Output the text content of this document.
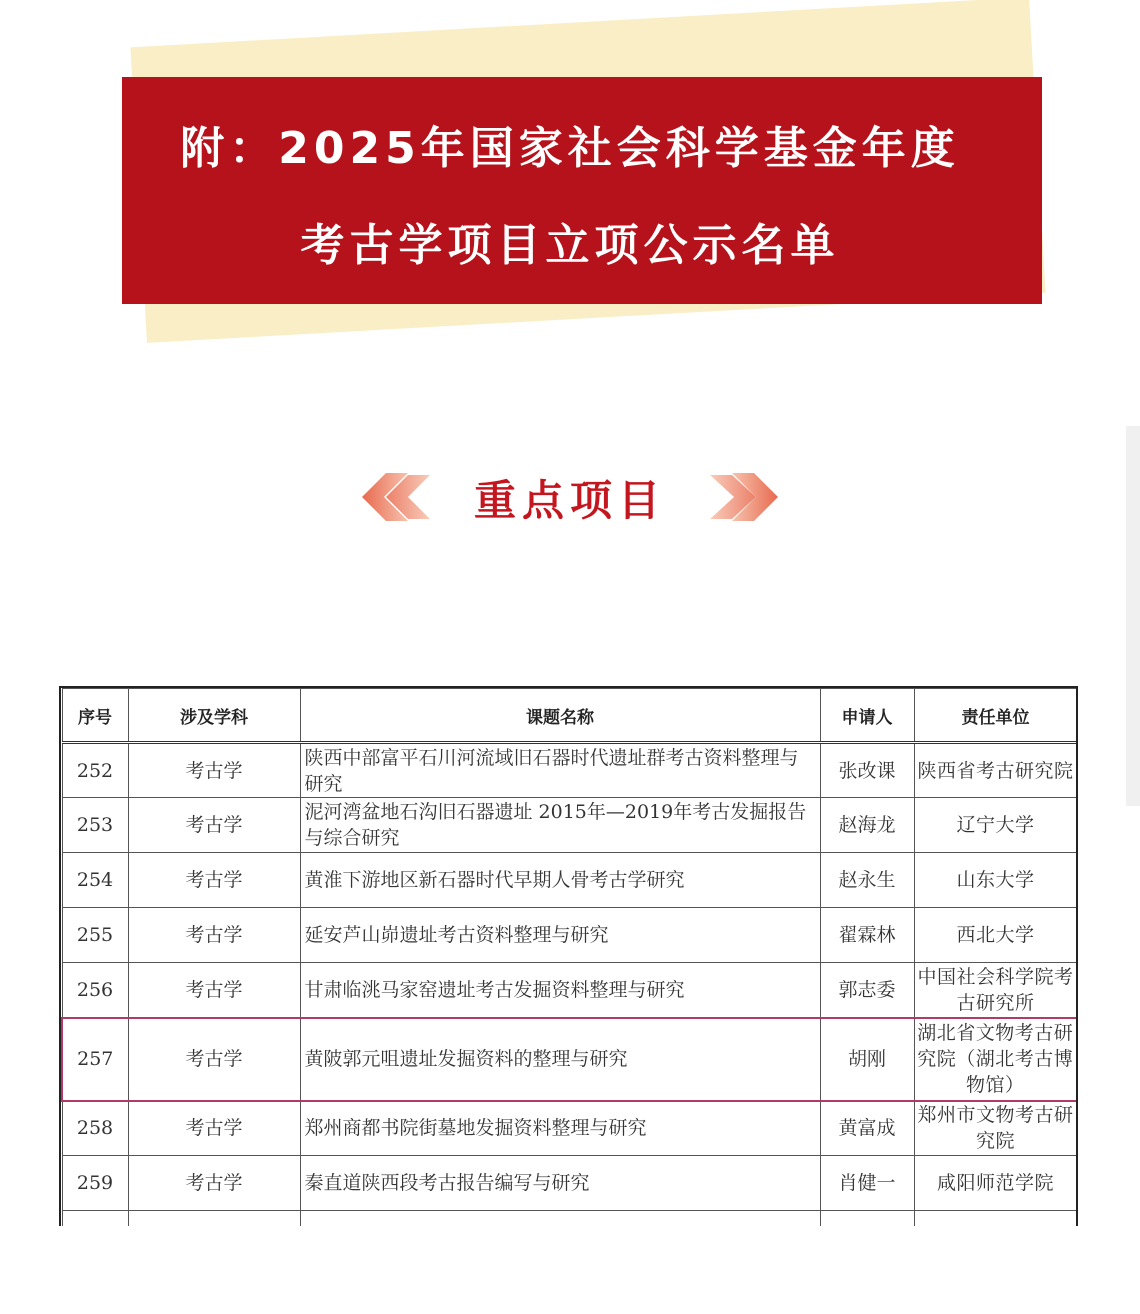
附：2025年国家社会科学基金年度
考古学项目立项公示名单
重点项目
序号	涉及学科	课题名称	申请人	责任单位
252	考古学	陕西中部富平石川河流域旧石器时代遗址群考古资料整理与研究	张改课	陕西省考古研究院
253	考古学	泥河湾盆地石沟旧石器遗址 2015年—2019年考古发掘报告与综合研究	赵海龙	辽宁大学
254	考古学	黄淮下游地区新石器时代早期人骨考古学研究	赵永生	山东大学
255	考古学	延安芦山峁遗址考古资料整理与研究	翟霖林	西北大学
256	考古学	甘肃临洮马家窑遗址考古发掘资料整理与研究	郭志委	中国社会科学院考古研究所
257	考古学	黄陂郭元咀遗址发掘资料的整理与研究	胡刚	湖北省文物考古研究院（湖北考古博物馆）
258	考古学	郑州商都书院街墓地发掘资料整理与研究	黄富成	郑州市文物考古研究院
259	考古学	秦直道陕西段考古报告编写与研究	肖健一	咸阳师范学院
